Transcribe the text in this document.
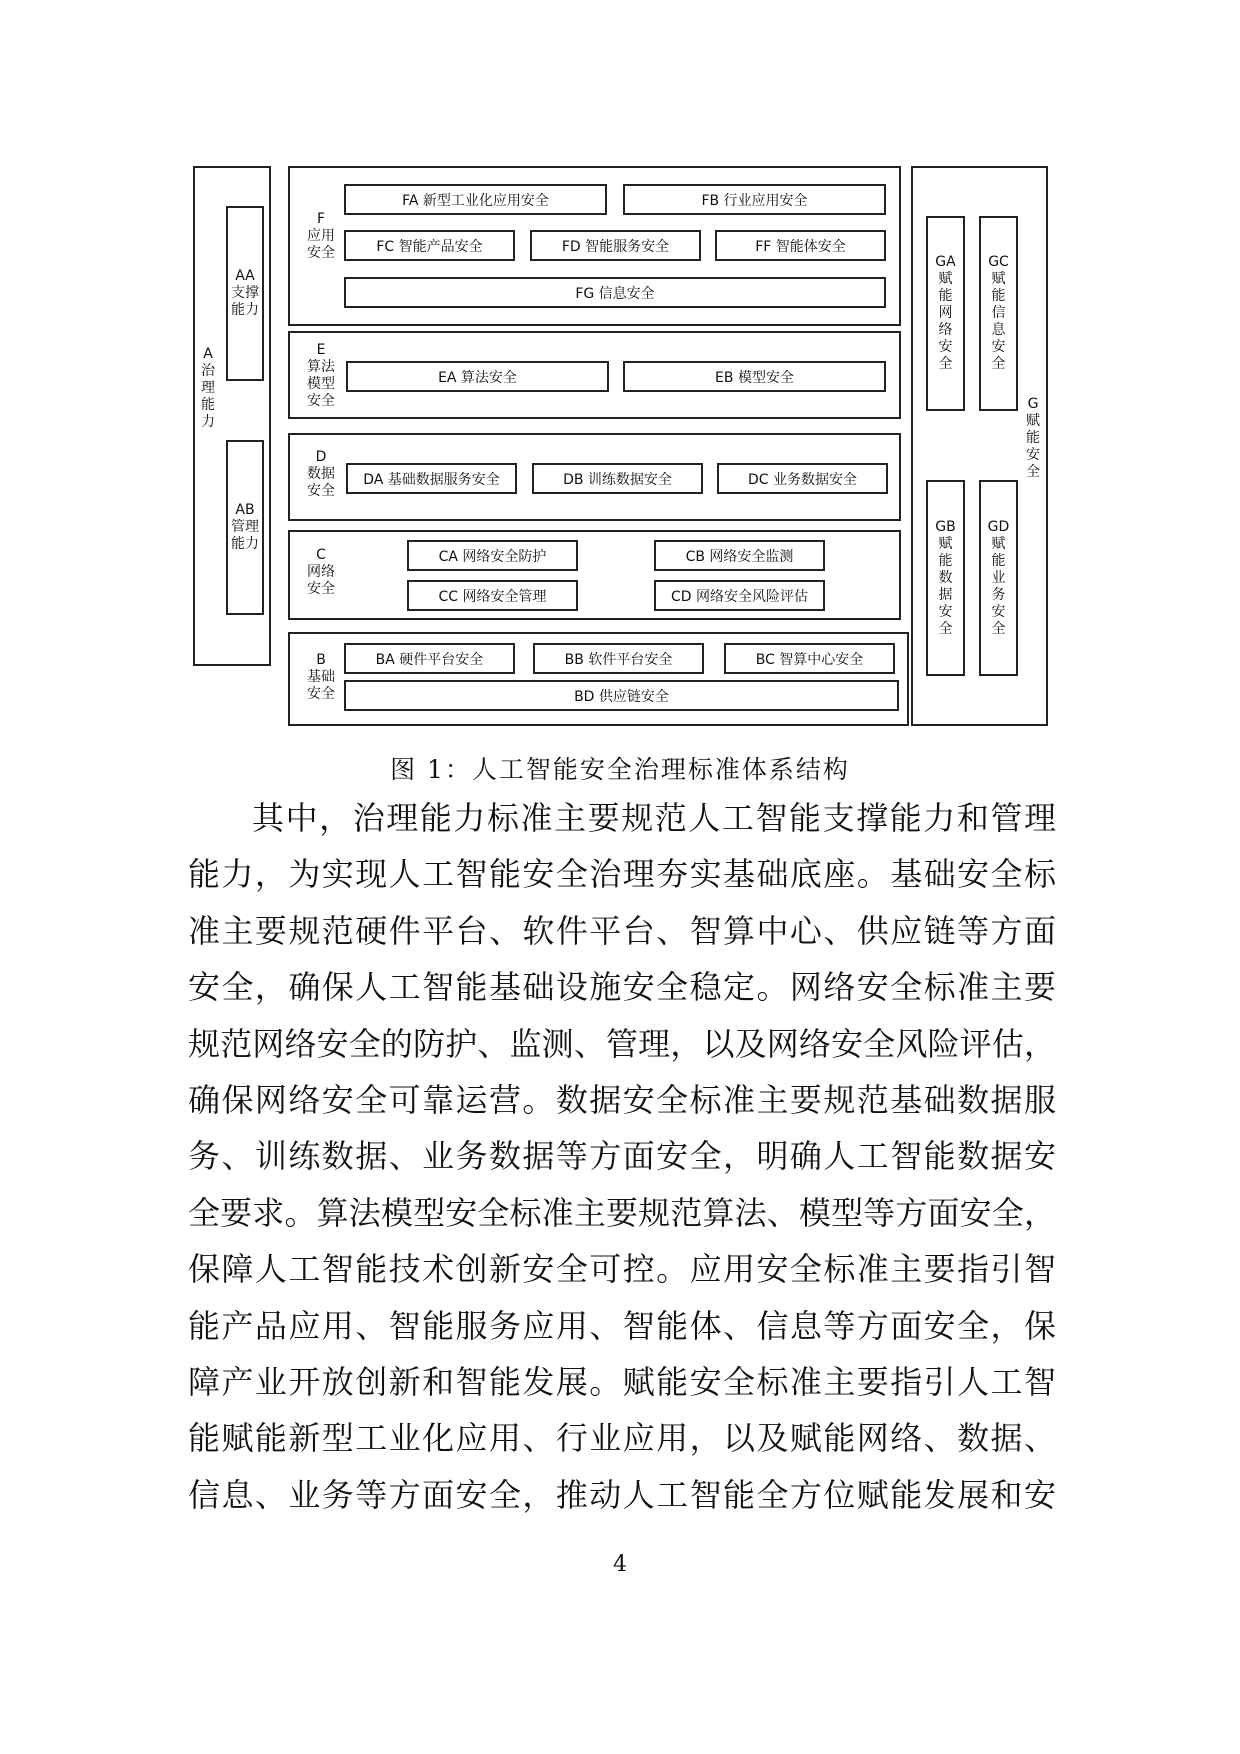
A
治
理
能
力
AA
支撑
能力
AB
管理
能力
F
应用
安全
FA 新型工业化应用安全	FB 行业应用安全
FC 智能产品安全	FD 智能服务安全	FF 智能体安全
FG 信息安全
E
算法
模型
安全
EA 算法安全	EB 模型安全
D
数据
安全
DA 基础数据服务安全	DB 训练数据安全	DC 业务数据安全
C
网络
安全
CA 网络安全防护	CB 网络安全监测
CC 网络安全管理	CD 网络安全风险评估
B
基础
安全
BA 硬件平台安全	BB 软件平台安全	BC 智算中心安全
BD 供应链安全
G
赋
能
安
全
GA
赋
能
网
络
安
全
GC
赋
能
信
息
安
全
GB
赋
能
数
据
安
全
GD
赋
能
业
务
安
全
图 1：人工智能安全治理标准体系结构
其中，治理能力标准主要规范人工智能支撑能力和管理
能力，为实现人工智能安全治理夯实基础底座。基础安全标
准主要规范硬件平台、软件平台、智算中心、供应链等方面
安全，确保人工智能基础设施安全稳定。网络安全标准主要
规范网络安全的防护、监测、管理，以及网络安全风险评估，
确保网络安全可靠运营。数据安全标准主要规范基础数据服
务、训练数据、业务数据等方面安全，明确人工智能数据安
全要求。算法模型安全标准主要规范算法、模型等方面安全，
保障人工智能技术创新安全可控。应用安全标准主要指引智
能产品应用、智能服务应用、智能体、信息等方面安全，保
障产业开放创新和智能发展。赋能安全标准主要指引人工智
能赋能新型工业化应用、行业应用，以及赋能网络、数据、
信息、业务等方面安全，推动人工智能全方位赋能发展和安
4
